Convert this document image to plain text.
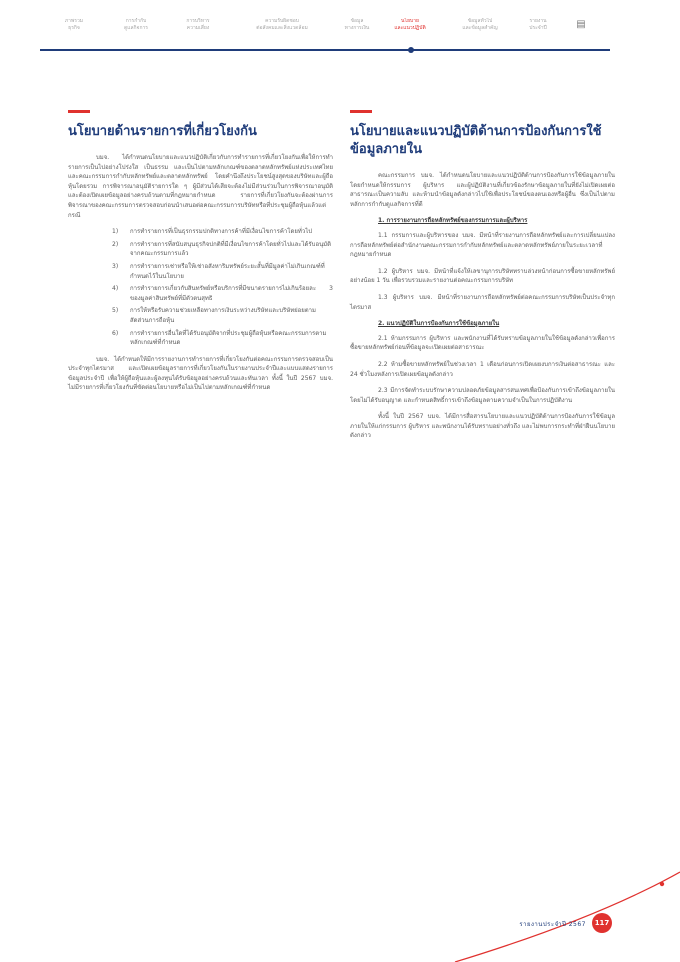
ภาพรวม
ธุรกิจ
การกำกับ
ดูแลกิจการ
การบริหาร
ความเสี่ยง
ความรับผิดชอบ
ต่อสังคมและสิ่งแวดล้อม
ข้อมูล
ทางการเงิน
นโยบาย
และแนวปฏิบัติ
ข้อมูลทั่วไป
และข้อมูลสำคัญ
รายงาน
ประจำปี	▤
นโยบายด้านรายการที่เกี่ยวโยงกัน

บมจ. ได้กำหนดนโยบายและแนวปฏิบัติเกี่ยวกับการทำรายการที่เกี่ยวโยงกันเพื่อให้การทำรายการเป็นไปอย่างโปร่งใส เป็นธรรม และเป็นไปตามหลักเกณฑ์ของตลาดหลักทรัพย์แห่งประเทศไทย และคณะกรรมการกำกับหลักทรัพย์และตลาดหลักทรัพย์ โดยคำนึงถึงประโยชน์สูงสุดของบริษัทและผู้ถือหุ้นโดยรวม การพิจารณาอนุมัติรายการใด ๆ ผู้มีส่วนได้เสียจะต้องไม่มีส่วนร่วมในการพิจารณาอนุมัติ และต้องเปิดเผยข้อมูลอย่างครบถ้วนตามที่กฎหมายกำหนด รายการที่เกี่ยวโยงกันจะต้องผ่านการพิจารณาของคณะกรรมการตรวจสอบก่อนนำเสนอต่อคณะกรรมการบริษัทหรือที่ประชุมผู้ถือหุ้นแล้วแต่กรณี

1) การทำรายการที่เป็นธุรกรรมปกติทางการค้าที่มีเงื่อนไขการค้าโดยทั่วไป
2) การทำรายการที่สนับสนุนธุรกิจปกติที่มีเงื่อนไขการค้าโดยทั่วไปและได้รับอนุมัติจากคณะกรรมการแล้ว
3) การทำรายการเช่าหรือให้เช่าอสังหาริมทรัพย์ระยะสั้นที่มีมูลค่าไม่เกินเกณฑ์ที่กำหนดไว้ในนโยบาย
4) การทำรายการเกี่ยวกับสินทรัพย์หรือบริการที่มีขนาดรายการไม่เกินร้อยละ 3 ของมูลค่าสินทรัพย์ที่มีตัวตนสุทธิ
5) การให้หรือรับความช่วยเหลือทางการเงินระหว่างบริษัทและบริษัทย่อยตามสัดส่วนการถือหุ้น
6) การทำรายการอื่นใดที่ได้รับอนุมัติจากที่ประชุมผู้ถือหุ้นหรือคณะกรรมการตามหลักเกณฑ์ที่กำหนด

บมจ. ได้กำหนดให้มีการรายงานการทำรายการที่เกี่ยวโยงกันต่อคณะกรรมการตรวจสอบเป็นประจำทุกไตรมาส และเปิดเผยข้อมูลรายการที่เกี่ยวโยงกันในรายงานประจำปีและแบบแสดงรายการข้อมูลประจำปี เพื่อให้ผู้ถือหุ้นและผู้ลงทุนได้รับข้อมูลอย่างครบถ้วนและทันเวลา ทั้งนี้ ในปี 2567 บมจ. ไม่มีรายการที่เกี่ยวโยงกันที่ขัดต่อนโยบายหรือไม่เป็นไปตามหลักเกณฑ์ที่กำหนด

นโยบายและแนวปฏิบัติด้านการป้องกันการใช้ข้อมูลภายใน

คณะกรรมการ บมจ. ได้กำหนดนโยบายและแนวปฏิบัติด้านการป้องกันการใช้ข้อมูลภายใน โดยกำหนดให้กรรมการ ผู้บริหาร และผู้ปฏิบัติงานที่เกี่ยวข้องรักษาข้อมูลภายในที่ยังไม่เปิดเผยต่อสาธารณะเป็นความลับ และห้ามนำข้อมูลดังกล่าวไปใช้เพื่อประโยชน์ของตนเองหรือผู้อื่น ซึ่งเป็นไปตามหลักการกำกับดูแลกิจการที่ดี

1. การรายงานการถือหลักทรัพย์ของกรรมการและผู้บริหาร

1.1 กรรมการและผู้บริหารของ บมจ. มีหน้าที่รายงานการถือหลักทรัพย์และการเปลี่ยนแปลงการถือหลักทรัพย์ต่อสำนักงานคณะกรรมการกำกับหลักทรัพย์และตลาดหลักทรัพย์ภายในระยะเวลาที่กฎหมายกำหนด

1.2 ผู้บริหาร บมจ. มีหน้าที่แจ้งให้เลขานุการบริษัททราบล่วงหน้าก่อนการซื้อขายหลักทรัพย์อย่างน้อย 1 วัน เพื่อรวบรวมและรายงานต่อคณะกรรมการบริษัท

1.3 ผู้บริหาร บมจ. มีหน้าที่รายงานการถือหลักทรัพย์ต่อคณะกรรมการบริษัทเป็นประจำทุกไตรมาส

2. แนวปฏิบัติในการป้องกันการใช้ข้อมูลภายใน

2.1 ห้ามกรรมการ ผู้บริหาร และพนักงานที่ได้รับทราบข้อมูลภายในใช้ข้อมูลดังกล่าวเพื่อการซื้อขายหลักทรัพย์ก่อนที่ข้อมูลจะเปิดเผยต่อสาธารณะ

2.2 ห้ามซื้อขายหลักทรัพย์ในช่วงเวลา 1 เดือนก่อนการเปิดเผยงบการเงินต่อสาธารณะ และ 24 ชั่วโมงหลังการเปิดเผยข้อมูลดังกล่าว

2.3 มีการจัดทำระบบรักษาความปลอดภัยข้อมูลสารสนเทศเพื่อป้องกันการเข้าถึงข้อมูลภายในโดยไม่ได้รับอนุญาต และกำหนดสิทธิ์การเข้าถึงข้อมูลตามความจำเป็นในการปฏิบัติงาน

ทั้งนี้ ในปี 2567 บมจ. ได้มีการสื่อสารนโยบายและแนวปฏิบัติด้านการป้องกันการใช้ข้อมูลภายในให้แก่กรรมการ ผู้บริหาร และพนักงานได้รับทราบอย่างทั่วถึง และไม่พบการกระทำที่ฝ่าฝืนนโยบายดังกล่าว

รายงานประจำปี 2567	117
